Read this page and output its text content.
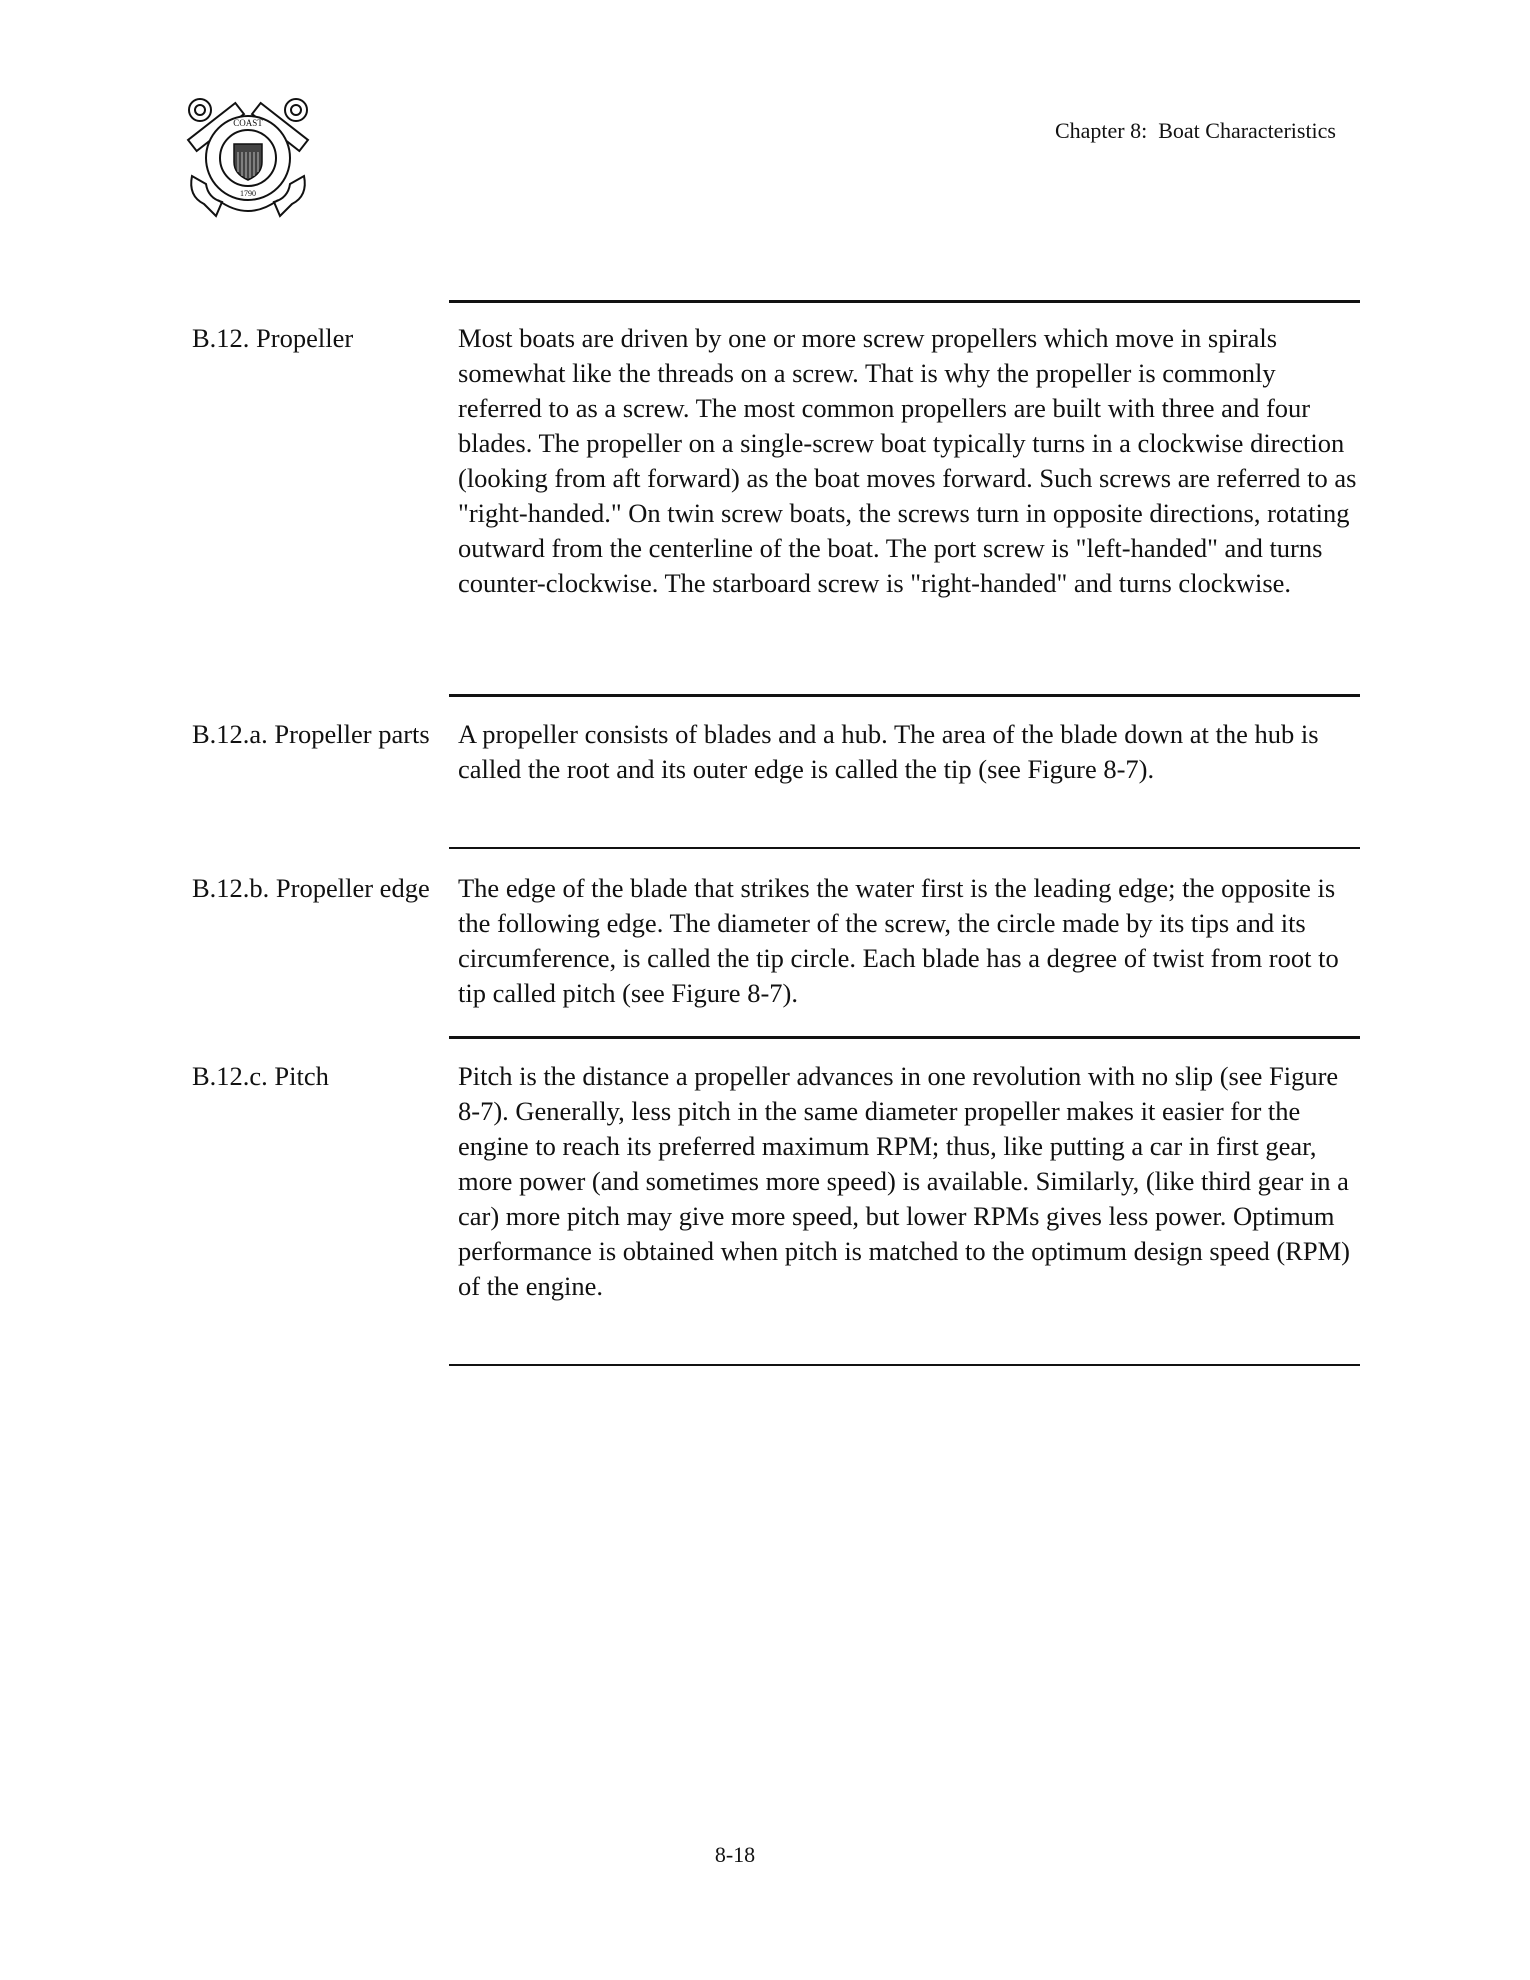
COAST
1790
Chapter 8:  Boat Characteristics
B.12. Propeller	Most boats are driven by one or more screw propellers which move in spirals somewhat like the threads on a screw. That is why the propeller is commonly referred to as a screw. The most common propellers are built with three and four blades. The propeller on a single-screw boat typically turns in a clockwise direction (looking from aft forward) as the boat moves forward. Such screws are referred to as "right-handed." On twin screw boats, the screws turn in opposite directions, rotating outward from the centerline of the boat. The port screw is "left-handed" and turns counter-clockwise. The starboard screw is "right-handed" and turns clockwise.
B.12.a. Propeller parts A propeller consists of blades and a hub. The area of the blade down at the hub is called the root and its outer edge is called the tip (see Figure 8-7).
B.12.b. Propeller edge The edge of the blade that strikes the water first is the leading edge; the opposite is the following edge. The diameter of the screw, the circle made by its tips and its circumference, is called the tip circle. Each blade has a degree of twist from root to tip called pitch (see Figure 8-7).
B.12.c. Pitch	Pitch is the distance a propeller advances in one revolution with no slip (see Figure 8-7). Generally, less pitch in the same diameter propeller makes it easier for the engine to reach its preferred maximum RPM; thus, like putting a car in first gear, more power (and sometimes more speed) is available. Similarly, (like third gear in a car) more pitch may give more speed, but lower RPMs gives less power. Optimum performance is obtained when pitch is matched to the optimum design speed (RPM) of the engine.
8-18
